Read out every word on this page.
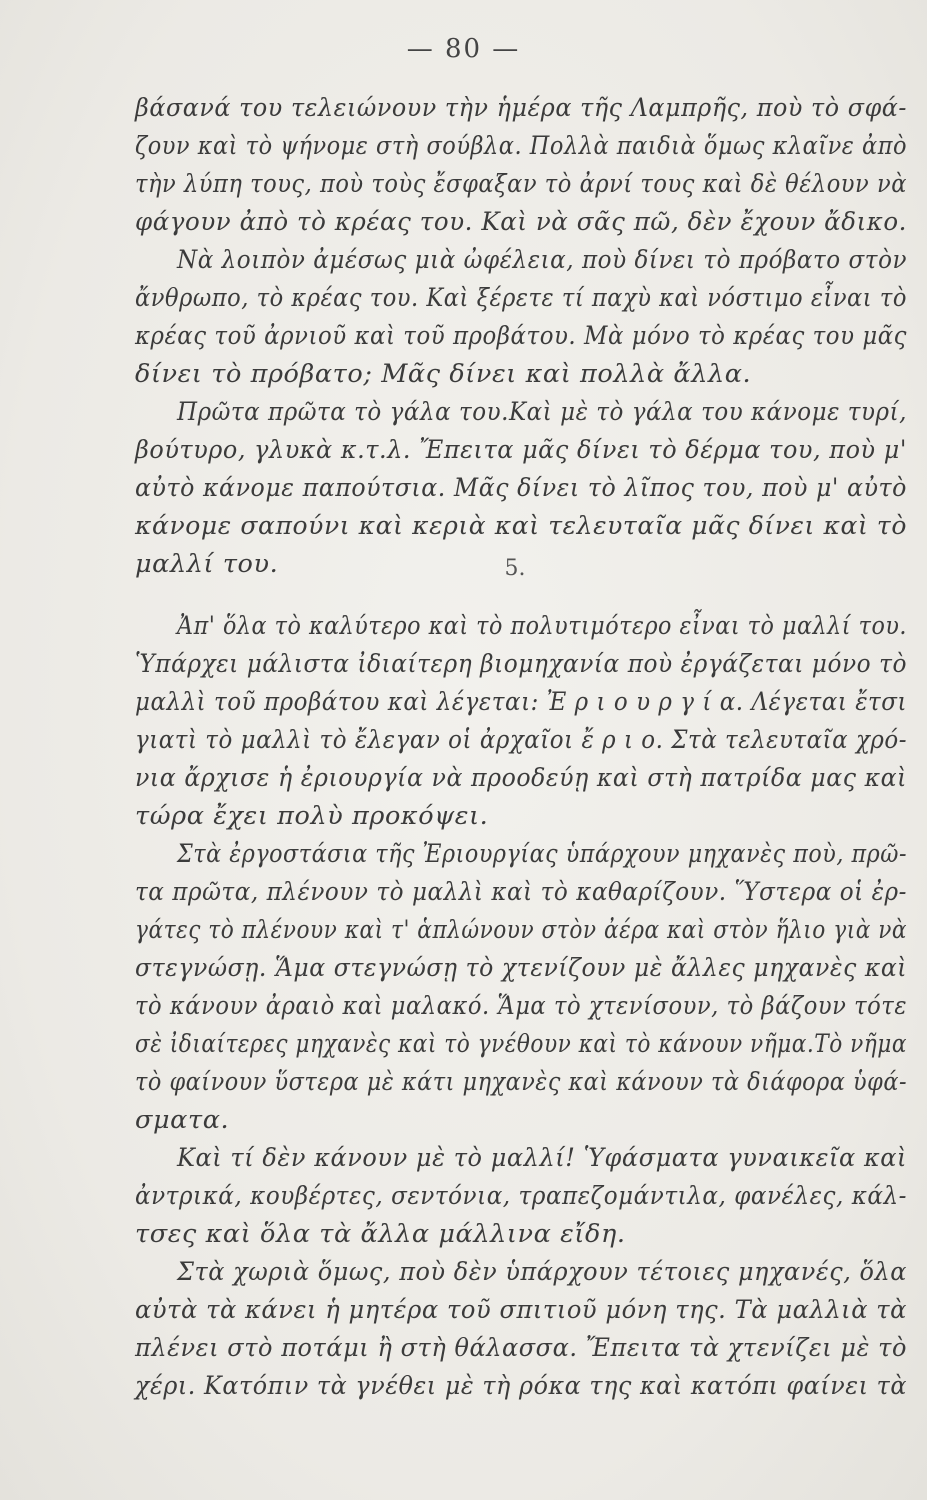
— 80 —
βάσανά του τελειώνουν τὴν ἡμέρα τῆς Λαμπρῆς, ποὺ τὸ σφά-
ζουν καὶ τὸ ψήνομε στὴ σούβλα. Πολλὰ παιδιὰ ὅμως κλαῖνε ἀπὸ
τὴν λύπη τους, ποὺ τοὺς ἔσφαξαν τὸ ἀρνί τους καὶ δὲ θέλουν νὰ
φάγουν ἀπὸ τὸ κρέας του. Καὶ νὰ σᾶς πῶ, δὲν ἔχουν ἄδικο.
Νὰ λοιπὸν ἀμέσως μιὰ ὠφέλεια, ποὺ δίνει τὸ πρόβατο στὸν
ἄνθρωπο, τὸ κρέας του. Καὶ ξέρετε τί παχὺ καὶ νόστιμο εἶναι τὸ
κρέας τοῦ ἀρνιοῦ καὶ τοῦ προβάτου. Μὰ μόνο τὸ κρέας του μᾶς
δίνει τὸ πρόβατο; Μᾶς δίνει καὶ πολλὰ ἄλλα.
Πρῶτα πρῶτα τὸ γάλα του.Καὶ μὲ τὸ γάλα του κάνομε τυρί,
βούτυρο, γλυκὰ κ.τ.λ. Ἔπειτα μᾶς δίνει τὸ δέρμα του, ποὺ μ'
αὐτὸ κάνομε παπούτσια. Μᾶς δίνει τὸ λῖπος του, ποὺ μ' αὐτὸ
κάνομε σαπούνι καὶ κεριὰ καὶ τελευταῖα μᾶς δίνει καὶ τὸ
μαλλί του.	5.
Ἀπ' ὅλα τὸ καλύτερο καὶ τὸ πολυτιμότερο εἶναι τὸ μαλλί του.
Ὑπάρχει μάλιστα ἰδιαίτερη βιομηχανία ποὺ ἐργάζεται μόνο τὸ
μαλλὶ τοῦ προβάτου καὶ λέγεται: Ἐ ρ ι ο υ ρ γ ί α. Λέγεται ἔτσι
γιατὶ τὸ μαλλὶ τὸ ἔλεγαν οἱ ἀρχαῖοι ἔ ρ ι ο. Στὰ τελευταῖα χρό-
νια ἄρχισε ἡ ἐριουργία νὰ προοδεύῃ καὶ στὴ πατρίδα μας καὶ
τώρα ἔχει πολὺ προκόψει.
Στὰ ἐργοστάσια τῆς Ἐριουργίας ὑπάρχουν μηχανὲς ποὺ, πρῶ-
τα πρῶτα, πλένουν τὸ μαλλὶ καὶ τὸ καθαρίζουν. Ὕστερα οἱ ἐρ-
γάτες τὸ πλένουν καὶ τ' ἁπλώνουν στὸν ἀέρα καὶ στὸν ἥλιο γιὰ νὰ
στεγνώσῃ. Ἅμα στεγνώσῃ τὸ χτενίζουν μὲ ἄλλες μηχανὲς καὶ
τὸ κάνουν ἀραιὸ καὶ μαλακό. Ἅμα τὸ χτενίσουν, τὸ βάζουν τότε
σὲ ἰδιαίτερες μηχανὲς καὶ τὸ γνέθουν καὶ τὸ κάνουν νῆμα.Τὸ νῆμα
τὸ φαίνουν ὕστερα μὲ κάτι μηχανὲς καὶ κάνουν τὰ διάφορα ὑφά-
σματα.
Καὶ τί δὲν κάνουν μὲ τὸ μαλλί! Ὑφάσματα γυναικεῖα καὶ
ἀντρικά, κουβέρτες, σεντόνια, τραπεζομάντιλα, φανέλες, κάλ-
τσες καὶ ὅλα τὰ ἄλλα μάλλινα εἴδη.
Στὰ χωριὰ ὅμως, ποὺ δὲν ὑπάρχουν τέτοιες μηχανές, ὅλα
αὐτὰ τὰ κάνει ἡ μητέρα τοῦ σπιτιοῦ μόνη της. Τὰ μαλλιὰ τὰ
πλένει στὸ ποτάμι ἢ στὴ θάλασσα. Ἔπειτα τὰ χτενίζει μὲ τὸ
χέρι. Κατόπιν τὰ γνέθει μὲ τὴ ρόκα της καὶ κατόπι φαίνει τὰ
